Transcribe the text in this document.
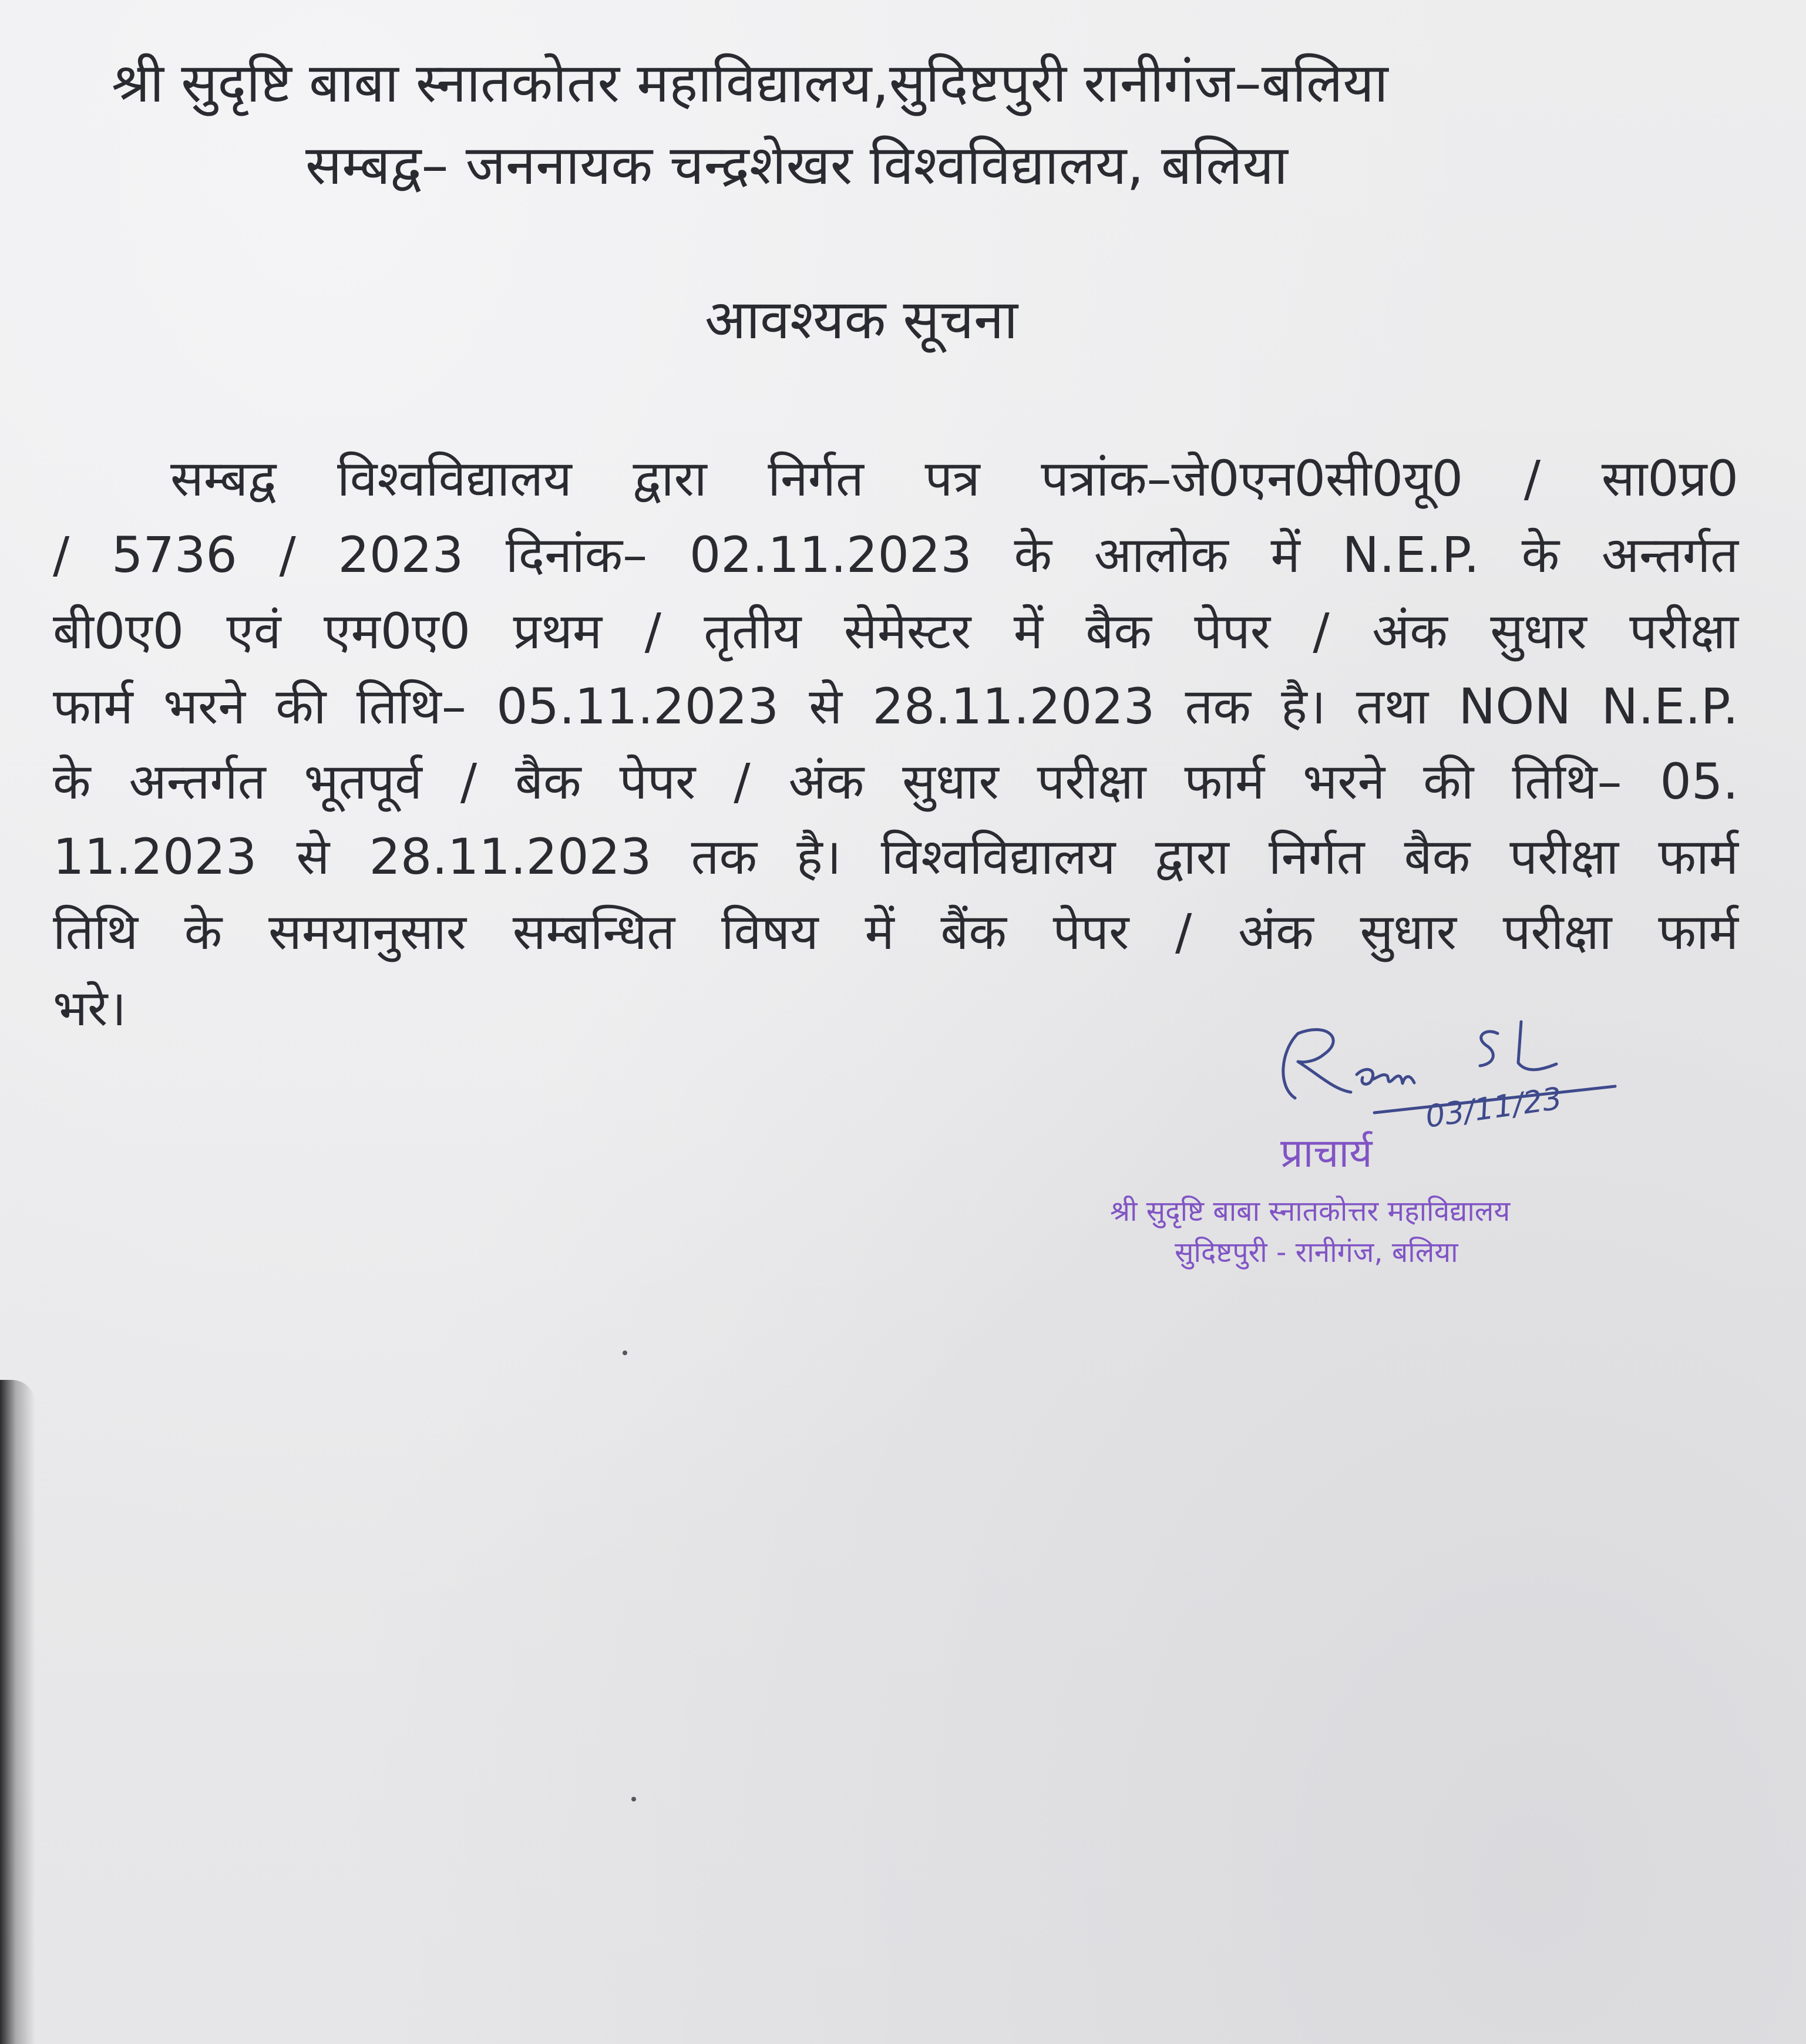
श्री सुदृष्टि बाबा स्नातकोतर महाविद्यालय,सुदिष्टपुरी रानीगंज–बलिया
सम्बद्व– जननायक चन्द्रशेखर विश्वविद्यालय, बलिया
आवश्यक सूचना
सम्बद्व विश्वविद्यालय द्वारा निर्गत पत्र पत्रांक–जे0एन0सी0यू0 / सा0प्र0
/ 5736 / 2023 दिनांक– 02.11.2023 के आलोक में N.E.P. के अन्तर्गत
बी0ए0 एवं एम0ए0 प्रथम / तृतीय सेमेस्टर में बैक पेपर / अंक सुधार परीक्षा
फार्म भरने की तिथि– 05.11.2023 से 28.11.2023 तक है। तथा NON N.E.P.
के अन्तर्गत भूतपूर्व / बैक पेपर / अंक सुधार परीक्षा फार्म भरने की तिथि– 05.
11.2023 से 28.11.2023 तक है। विश्वविद्यालय द्वारा निर्गत बैक परीक्षा फार्म
तिथि के समयानुसार सम्बन्धित विषय में बैंक पेपर / अंक सुधार परीक्षा फार्म
भरे।
03/11/23
प्राचार्य
श्री सुदृष्टि बाबा स्नातकोत्तर महाविद्यालय
सुदिष्टपुरी - रानीगंज, बलिया
